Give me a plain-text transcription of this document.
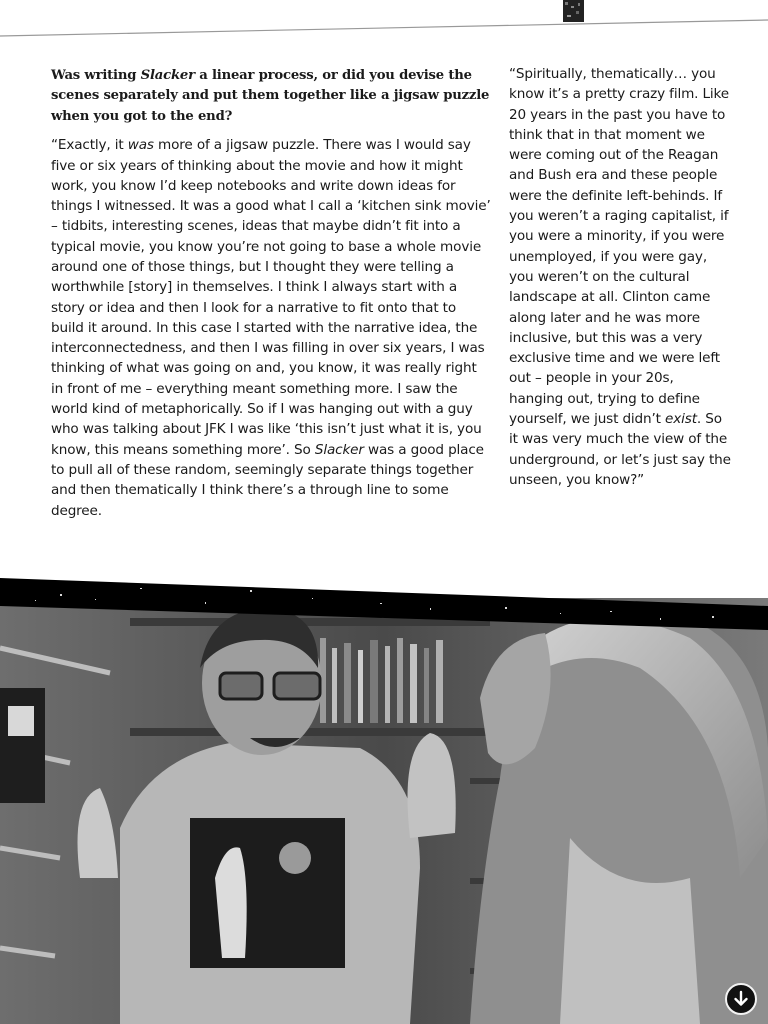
Was writing Slacker a linear process, or did you devise the scenes separately and put them together like a jigsaw puzzle when you got to the end?

“Exactly, it was more of a jigsaw puzzle. There was I would say five or six years of thinking about the movie and how it might work, you know I’d keep notebooks and write down ideas for things I witnessed. It was a good what I call a ‘kitchen sink movie’ – tidbits, interesting scenes, ideas that maybe didn’t fit into a typical movie, you know you’re not going to base a whole movie around one of those things, but I thought they were telling a worthwhile [story] in themselves. I think I always start with a story or idea and then I look for a narrative to fit onto that to build it around. In this case I started with the narrative idea, the interconnectedness, and then I was filling in over six years, I was thinking of what was going on and, you know, it was really right in front of me – everything meant something more. I saw the world kind of metaphorically. So if I was hanging out with a guy who was talking about JFK I was like ‘this isn’t just what it is, you know, this means something more’. So Slacker was a good place to pull all of these random, seemingly separate things together and then thematically I think there’s a through line to some degree.

“Spiritually, thematically… you know it’s a pretty crazy film. Like 20 years in the past you have to think that in that moment we were coming out of the Reagan and Bush era and these people were the definite left-behinds. If you weren’t a raging capitalist, if you were a minority, if you were unemployed, if you were gay, you weren’t on the cultural landscape at all. Clinton came along later and he was more inclusive, but this was a very exclusive time and we were left out – people in your 20s, hanging out, trying to define yourself, we just didn’t exist. So it was very much the view of the underground, or let’s just say the unseen, you know?”
